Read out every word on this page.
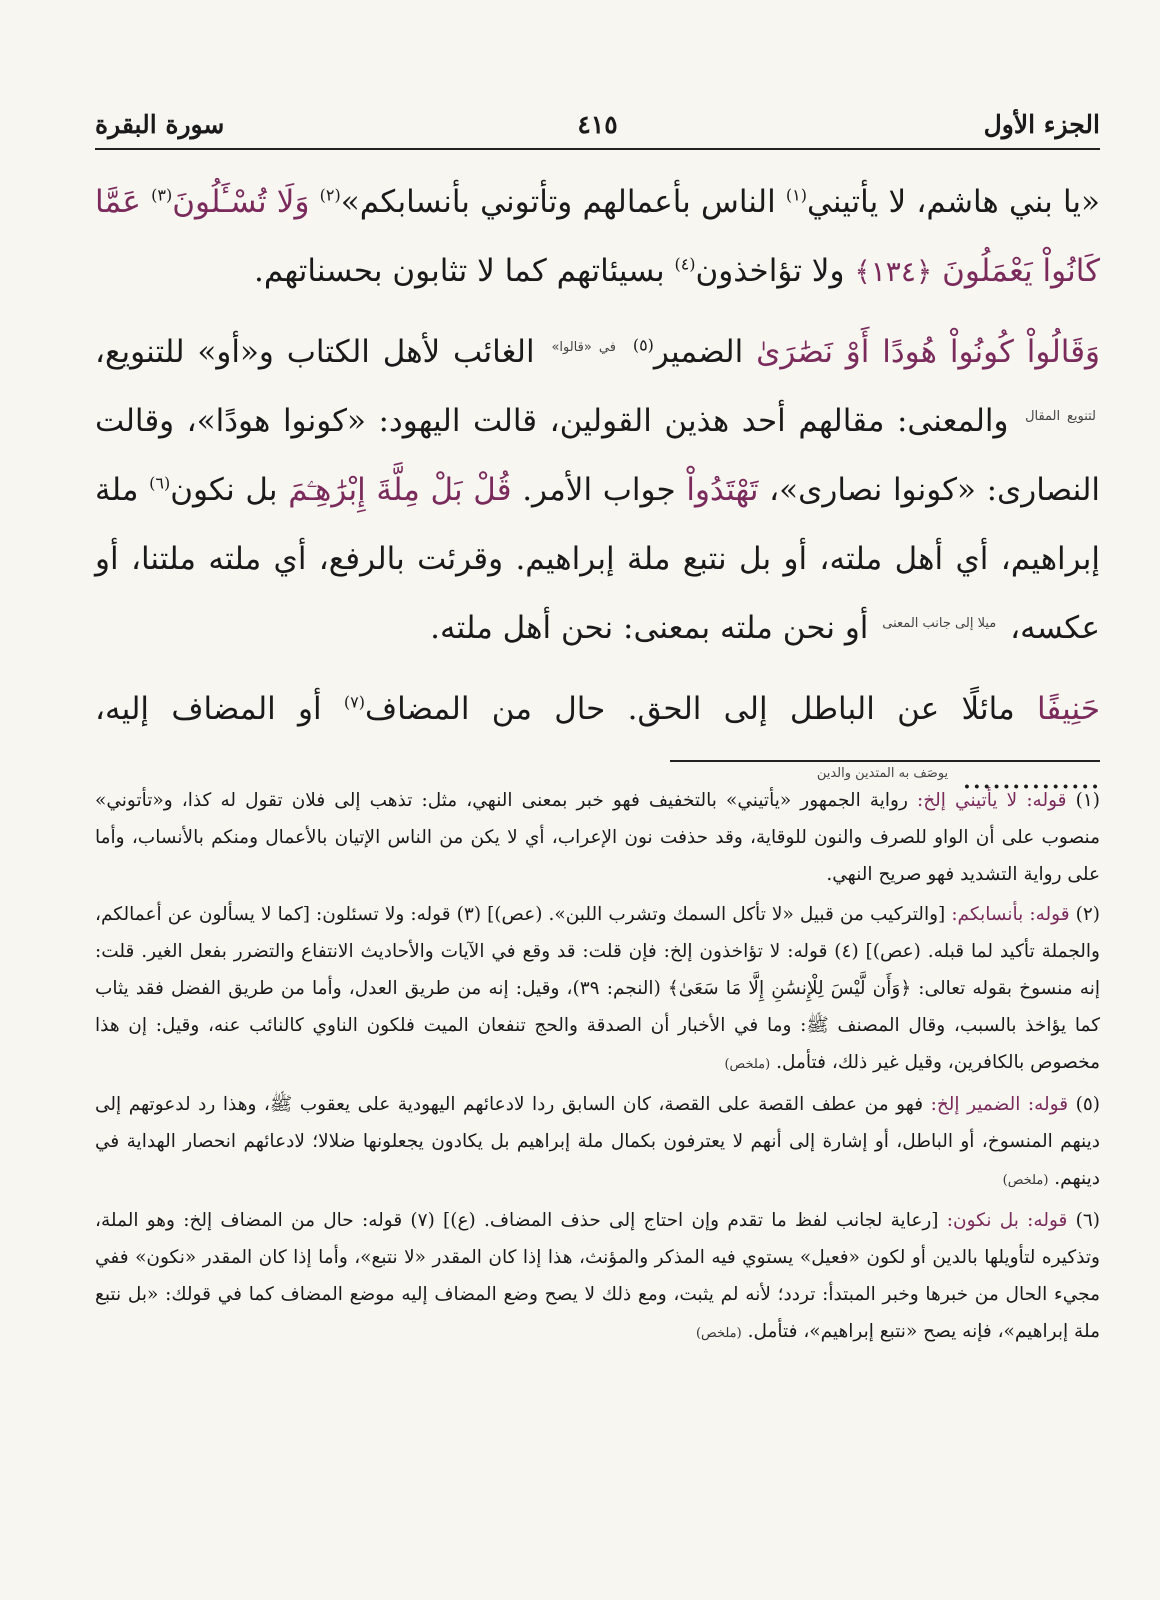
الجزء الأول
٤١٥
سورة البقرة

«يا بني هاشم، لا يأتيني$^{(١)}$ الناس بأعمالهم وتأتوني بأنسابكم»$^{(٢)}$ وَلَا تُسْـَٔلُونَ$^{(٣)}$ عَمَّا كَانُواْ يَعْمَلُونَ ﴿١٣٤﴾ ولا تؤاخذون$^{(٤)}$ بسيئاتهم كما لا تثابون بحسناتهم.

وَقَالُواْ كُونُواْ هُودًا أَوْ نَصَٰرَىٰ الضمير$^{(٥)}$ $^{في «قالوا»}$ الغائب لأهل الكتاب و«أو» للتنويع، $^{لتنويع المقال}$ والمعنى: مقالهم أحد هذين القولين، قالت اليهود: «كونوا هودًا»، وقالت النصارى: «كونوا نصارى»، تَهْتَدُواْ جواب الأمر. قُلْ بَلْ مِلَّةَ إِبْرَٰهِـۧمَ بل نكون$^{(٦)}$ ملة إبراهيم، أي أهل ملته، أو بل نتبع ملة إبراهيم. وقرئت بالرفع، أي ملته ملتنا، أو عكسه، $^{ميلا إلى جانب المعنى}$ أو نحن ملته بمعنى: نحن أهل ملته.

حَنِيفًا مائلًا عن الباطل إلى الحق. حال من المضاف$^{(٧)}$ أو المضاف إليه، .............. $^{يوصَف به المتدين والدين}$

(١) قوله: لا يأتيني إلخ: رواية الجمهور «يأتيني» بالتخفيف فهو خبر بمعنى النهي، مثل: تذهب إلى فلان تقول له كذا، و«تأتوني» منصوب على أن الواو للصرف والنون للوقاية، وقد حذفت نون الإعراب، أي لا يكن من الناس الإتيان بالأعمال ومنكم بالأنساب، وأما على رواية التشديد فهو صريح النهي.

(٢) قوله: بأنسابكم: [والتركيب من قبيل «لا تأكل السمك وتشرب اللبن». (عص)] (٣) قوله: ولا تسئلون: [كما لا يسألون عن أعمالكم، والجملة تأكيد لما قبله. (عص)] (٤) قوله: لا تؤاخذون إلخ: فإن قلت: قد وقع في الآيات والأحاديث الانتفاع والتضرر بفعل الغير. قلت: إنه منسوخ بقوله تعالى: ﴿وَأَن لَّيْسَ لِلْإِنسَٰنِ إِلَّا مَا سَعَىٰ﴾ (النجم: ٣٩)، وقيل: إنه من طريق العدل، وأما من طريق الفضل فقد يثاب كما يؤاخذ بالسبب، وقال المصنف ﷺ: وما في الأخبار أن الصدقة والحج تنفعان الميت فلكون الناوي كالنائب عنه، وقيل: إن هذا مخصوص بالكافرين، وقيل غير ذلك، فتأمل. (ملخص)

(٥) قوله: الضمير إلخ: فهو من عطف القصة على القصة، كان السابق ردا لادعائهم اليهودية على يعقوب ﷺ، وهذا رد لدعوتهم إلى دينهم المنسوخ، أو الباطل، أو إشارة إلى أنهم لا يعترفون بكمال ملة إبراهيم بل يكادون يجعلونها ضلالا؛ لادعائهم انحصار الهداية في دينهم. (ملخص)

(٦) قوله: بل نكون: [رعاية لجانب لفظ ما تقدم وإن احتاج إلى حذف المضاف. (ع)] (٧) قوله: حال من المضاف إلخ: وهو الملة، وتذكيره لتأويلها بالدين أو لكون «فعيل» يستوي فيه المذكر والمؤنث، هذا إذا كان المقدر «لا نتبع»، وأما إذا كان المقدر «نكون» ففي مجيء الحال من خبرها وخبر المبتدأ: تردد؛ لأنه لم يثبت، ومع ذلك لا يصح وضع المضاف إليه موضع المضاف كما في قولك: «بل نتبع ملة إبراهيم»، فإنه يصح «نتبع إبراهيم»، فتأمل. (ملخص)
